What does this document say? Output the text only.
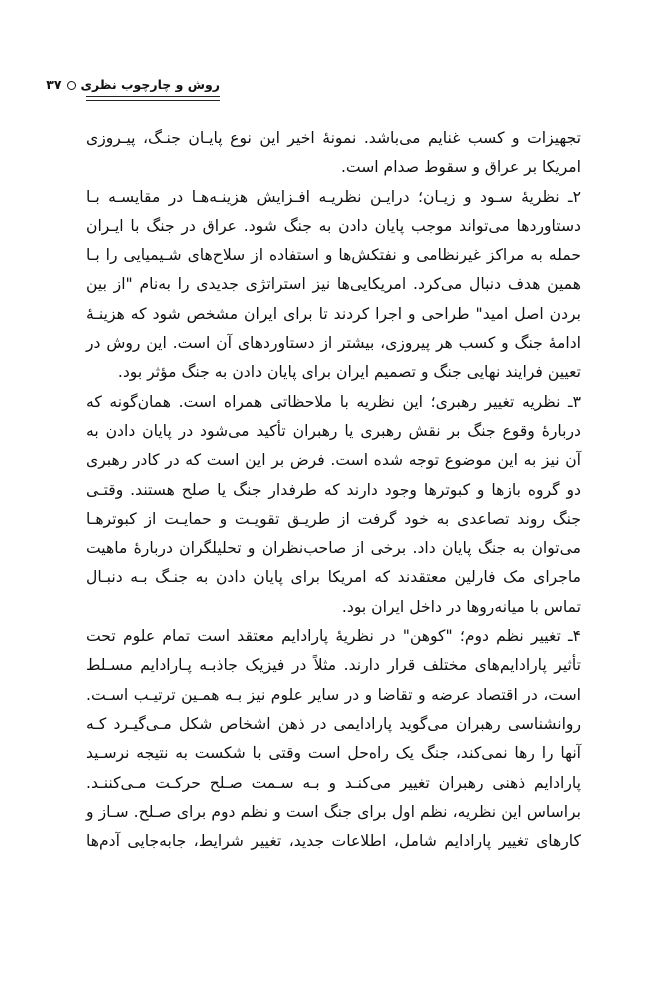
روش و چارچوب نظری۳۷
تجهیزات و کسب غنایم می‌باشد. نمونهٔ اخیر این نوع پایـان جنـگ، پیـروزی
امریکا بر عراق و سقوط صدام است.
۲ـ نظریهٔ سـود و زیـان؛ درایـن نظریـه افـزایش هزینـه‌هـا در مقایسـه بـا
دستاوردها می‌تواند موجب پایان دادن به جنگ شود. عراق در جنگ با ایـران
حمله به مراکز غیرنظامی و نفتکش‌ها و استفاده از سلاح‌های شـیمیایی را بـا
همین هدف دنبال می‌کرد. امریکایی‌ها نیز استراتژی جدیدی را به‌نام "از بین
بردن اصل امید" طراحی و اجرا کردند تا برای ایران مشخص شود که هزینـهٔ
ادامهٔ جنگ و کسب هر پیروزی، بیشتر از دستاوردهای آن است. این روش در
تعیین فرایند نهایی جنگ و تصمیم ایران برای پایان دادن به جنگ مؤثر بود.
۳ـ نظریه تغییر رهبری؛ این نظریه با ملاحظاتی همراه است. همان‌گونه که
دربارهٔ وقوع جنگ بر نقش رهبری یا رهبران تأکید می‌شود در پایان دادن به
آن نیز به این موضوع توجه شده است. فرض بر این است که در کادر رهبری
دو گروه بازها و کبوترها وجود دارند که طرفدار جنگ یا صلح هستند. وقتـی
جنگ روند تصاعدی به خود گرفت از طریـق تقویـت و حمایـت از کبوترهـا
می‌توان به جنگ پایان داد. برخی از صاحب‌نظران و تحلیلگران دربارهٔ ماهیت
ماجرای مک فارلین معتقدند که امریکا برای پایان دادن به جنـگ بـه دنبـال
تماس با میانه‌روها در داخل ایران بود.
۴ـ تغییر نظم دوم؛ "کوهن" در نظریهٔ پارادایم معتقد است تمام علوم تحت
تأثیر پارادایم‌های مختلف قرار دارند. مثلاً در فیزیک جاذبـه پـارادایم مسـلط
است، در اقتصاد عرضه و تقاضا و در سایر علوم نیز بـه همـین ترتیـب اسـت.
روانشناسی رهبران می‌گوید پارادایمی در ذهن اشخاص شکل مـی‌گیـرد کـه
آنها را رها نمی‌کند، جنگ یک راه‌حل است وقتی با شکست به نتیجه نرسـید
پارادایم ذهنی رهبران تغییر می‌کنـد و بـه سـمت صـلح حرکـت مـی‌کننـد.
براساس این نظریه، نظم اول برای جنگ است و نظم دوم برای صـلح. سـاز و
کارهای تغییر پارادایم شامل، اطلاعات جدید، تغییر شرایط، جابه‌جایی آدم‌ها
